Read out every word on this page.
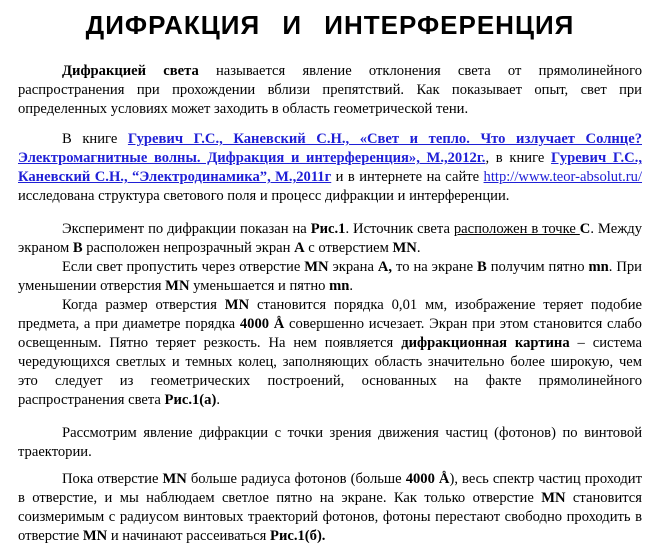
ДИФРАКЦИЯ И ИНТЕРФЕРЕНЦИЯ

Дифракцией света называется явление отклонения света от прямолинейного распространения при прохождении вблизи препятствий. Как показывает опыт, свет при определенных условиях может заходить в область геометрической тени.

В книге Гуревич Г.С., Каневский С.Н., «Свет и тепло. Что излучает Солнце? Электромагнитные волны. Дифракция и интерференция», М.,2012г., в книге Гуревич Г.С., Каневский С.Н., “Электродинамика”, М.,2011г и в интернете на сайте http://www.teor-absolut.ru/ исследована структура светового поля и процесс дифракции и интерференции.

Эксперимент по дифракции показан на Рис.1. Источник света расположен в точке С. Между экраном В расположен непрозрачный экран А с отверстием МN.

Если свет пропустить через отверстие MN экрана А, то на экране В получим пятно mn. При уменьшении отверстия MN уменьшается и пятно mn.

Когда размер отверстия MN становится порядка 0,01 мм, изображение теряет подобие предмета, а при диаметре порядка 4000 Å совершенно исчезает. Экран при этом становится слабо освещенным. Пятно теряет резкость. На нем появляется дифракционная картина – система чередующихся светлых и темных колец, заполняющих область значительно более широкую, чем это следует из геометрических построений, основанных на факте прямолинейного распространения света Рис.1(а).

Рассмотрим явление дифракции с точки зрения движения частиц (фотонов) по винтовой траектории.

Пока отверстие MN больше радиуса фотонов (больше 4000 Å), весь спектр частиц проходит в отверстие, и мы наблюдаем светлое пятно на экране. Как только отверстие MN становится соизмеримым с радиусом винтовых траекторий фотонов, фотоны перестают свободно проходить в отверстие MN и начинают рассеиваться Рис.1(б).
